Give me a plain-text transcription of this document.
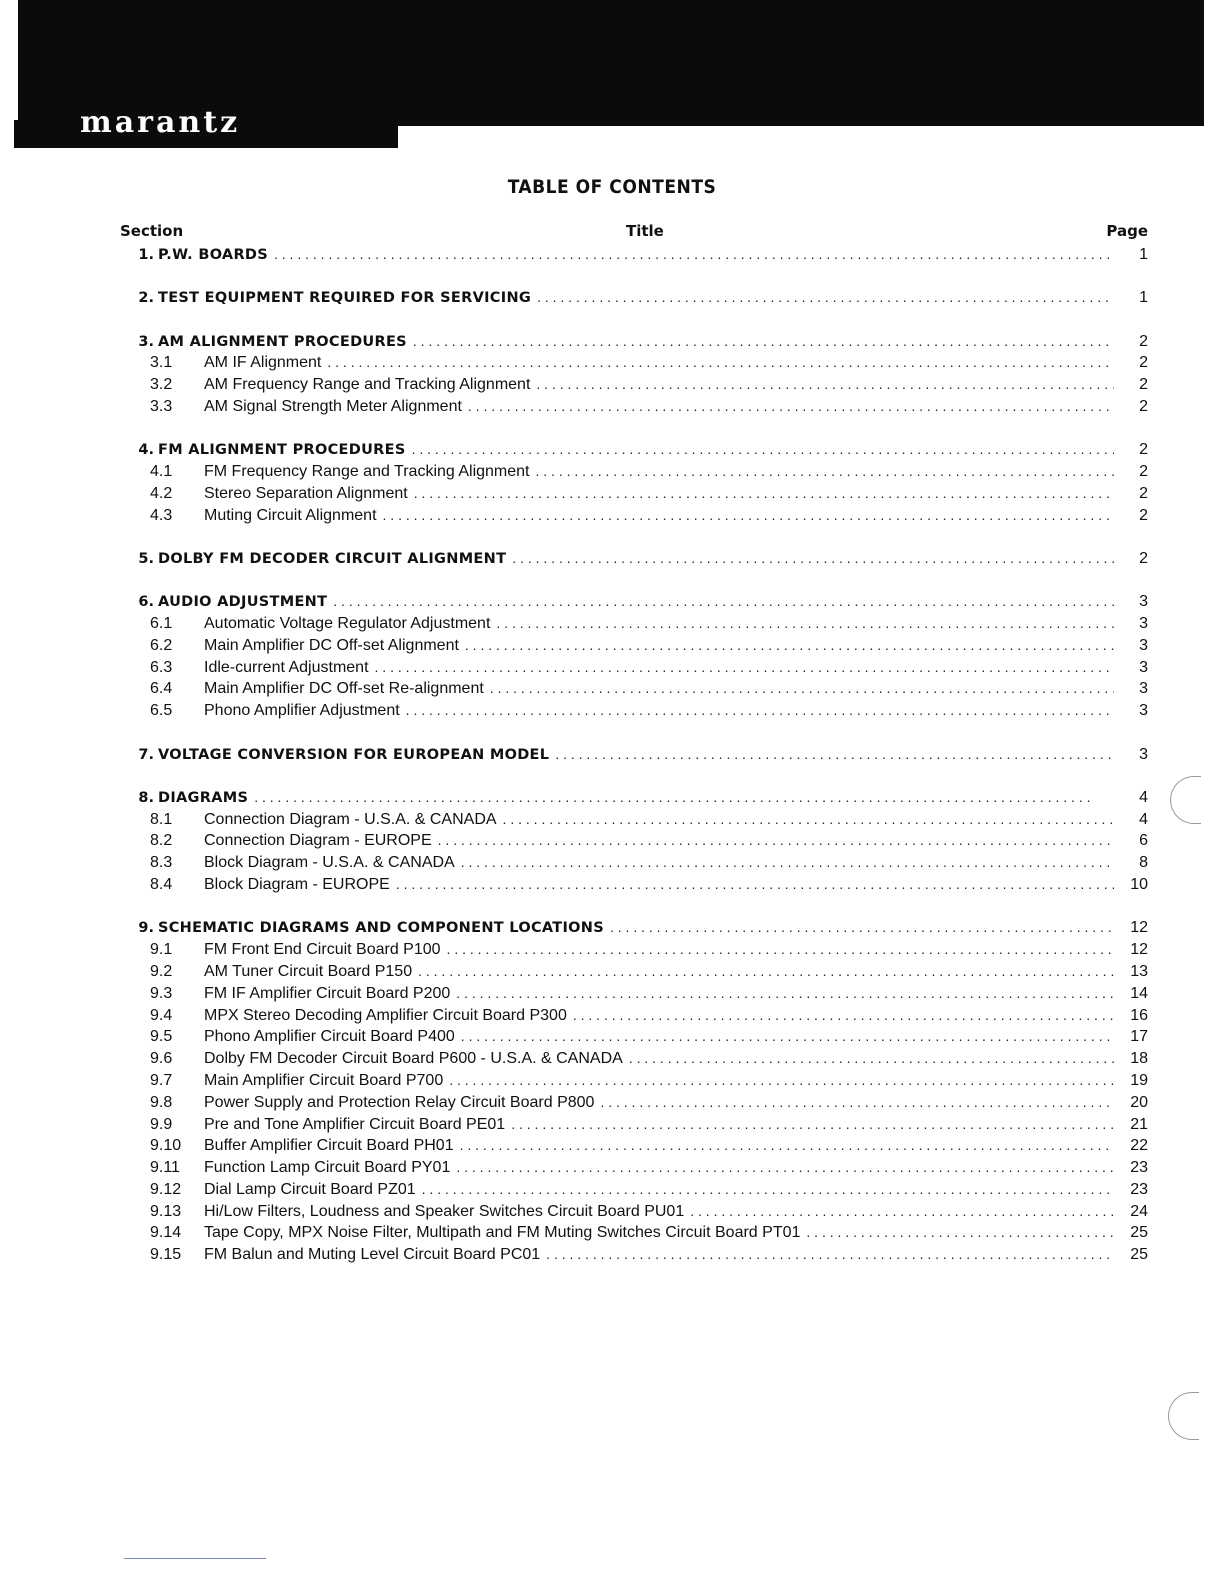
marantz
TABLE OF CONTENTS
Section	Title	Page
1. P.W. BOARDS . . .	1
2. TEST EQUIPMENT REQUIRED FOR SERVICING . . .	1
3. AM ALIGNMENT PROCEDURES . . .	2
3.1	AM IF Alignment . . .	2
3.2	AM Frequency Range and Tracking Alignment . . .	2
3.3	AM Signal Strength Meter Alignment . . .	2
4. FM ALIGNMENT PROCEDURES . . .	2
4.1	FM Frequency Range and Tracking Alignment . . .	2
4.2	Stereo Separation Alignment . . .	2
4.3	Muting Circuit Alignment . . .	2
5. DOLBY FM DECODER CIRCUIT ALIGNMENT . . .	2
6. AUDIO ADJUSTMENT . . .	3
6.1	Automatic Voltage Regulator Adjustment . . .	3
6.2	Main Amplifier DC Off-set Alignment . . .	3
6.3	Idle-current Adjustment . . .	3
6.4	Main Amplifier DC Off-set Re-alignment . . .	3
6.5	Phono Amplifier Adjustment . . .	3
7. VOLTAGE CONVERSION FOR EUROPEAN MODEL . . .	3
8. DIAGRAMS . . .	4
8.1	Connection Diagram - U.S.A. & CANADA . . .	4
8.2	Connection Diagram - EUROPE . . .	6
8.3	Block Diagram - U.S.A. & CANADA . . .	8
8.4	Block Diagram - EUROPE . . .	10
9. SCHEMATIC DIAGRAMS AND COMPONENT LOCATIONS . . .	12
9.1	FM Front End Circuit Board P100 . . .	12
9.2	AM Tuner Circuit Board P150 . . .	13
9.3	FM IF Amplifier Circuit Board P200 . . .	14
9.4	MPX Stereo Decoding Amplifier Circuit Board P300 . . .	16
9.5	Phono Amplifier Circuit Board P400 . . .	17
9.6	Dolby FM Decoder Circuit Board P600 - U.S.A. & CANADA . . .	18
9.7	Main Amplifier Circuit Board P700 . . .	19
9.8	Power Supply and Protection Relay Circuit Board P800 . . .	20
9.9	Pre and Tone Amplifier Circuit Board PE01 . . .	21
9.10	Buffer Amplifier Circuit Board PH01 . . .	22
9.11	Function Lamp Circuit Board PY01 . . .	23
9.12	Dial Lamp Circuit Board PZ01 . . .	23
9.13	Hi/Low Filters, Loudness and Speaker Switches Circuit Board PU01 . . .	24
9.14	Tape Copy, MPX Noise Filter, Multipath and FM Muting Switches Circuit Board PT01 . . .	25
9.15	FM Balun and Muting Level Circuit Board PC01 . . .	25
